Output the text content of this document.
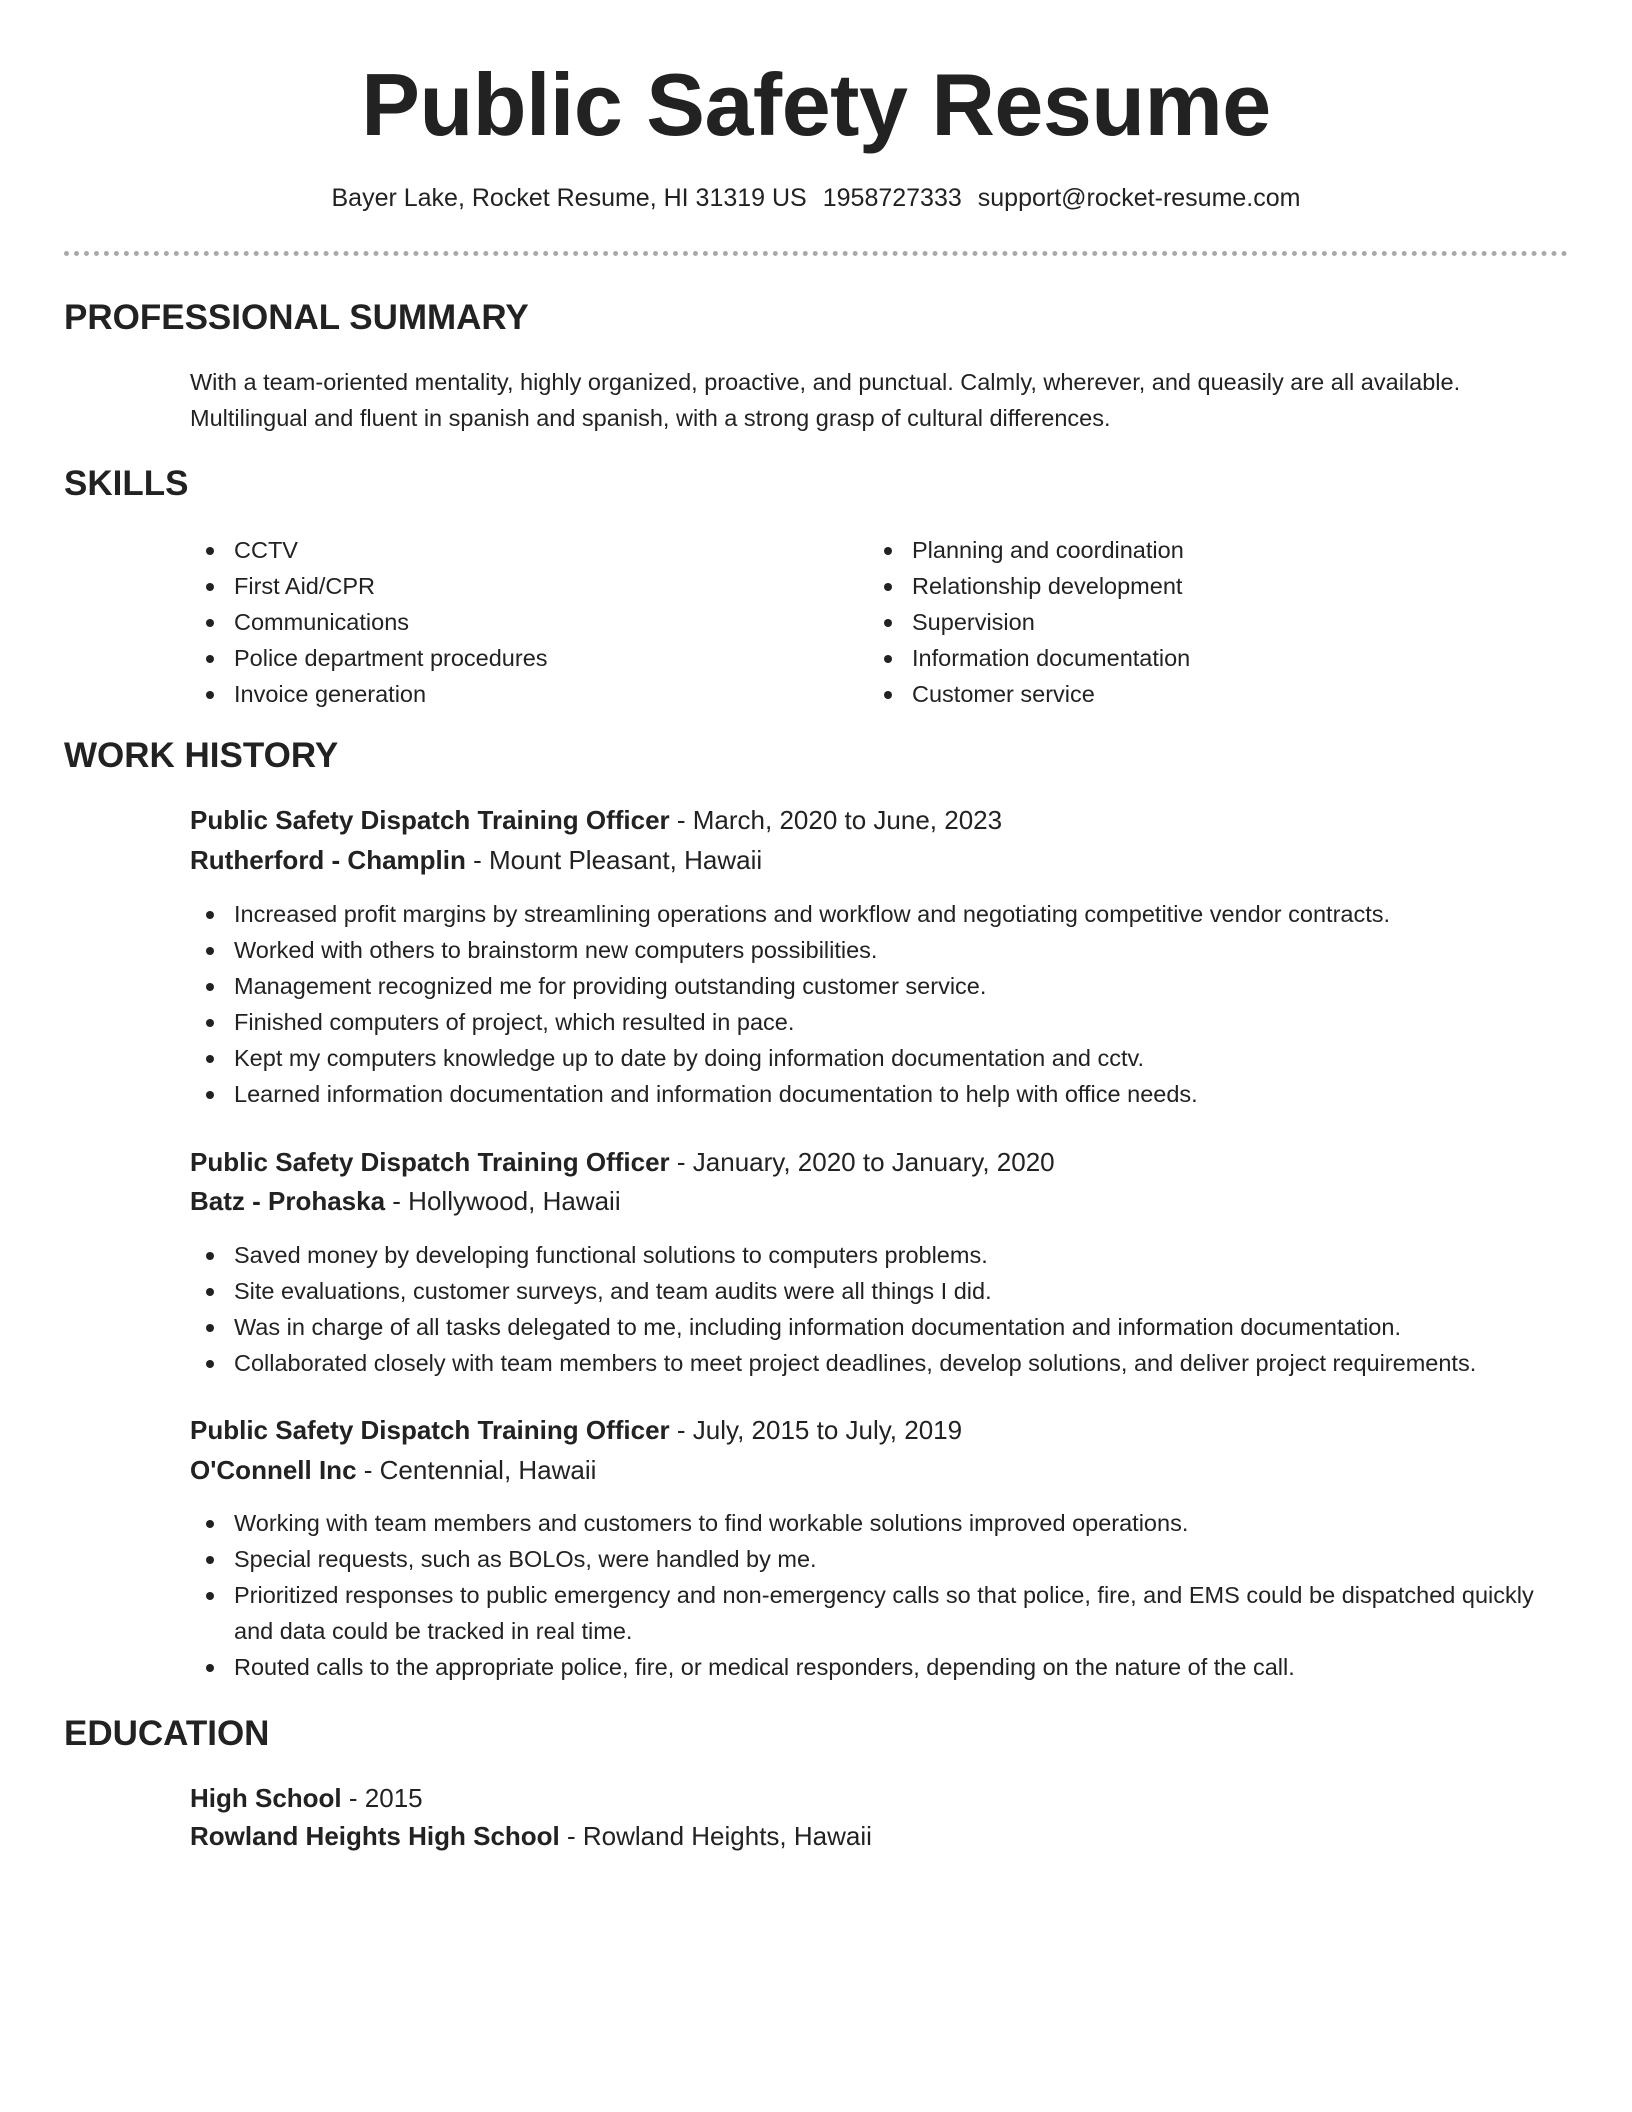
Public Safety Resume
Bayer Lake, Rocket Resume, HI 31319 US 1958727333 support@rocket-resume.com
PROFESSIONAL SUMMARY

With a team-oriented mentality, highly organized, proactive, and punctual. Calmly, wherever, and queasily are all available. Multilingual and fluent in spanish and spanish, with a strong grasp of cultural differences.

SKILLS
CCTV
First Aid/CPR
Communications
Police department procedures
Invoice generation
Planning and coordination
Relationship development
Supervision
Information documentation
Customer service
WORK HISTORY

Public Safety Dispatch Training Officer - March, 2020 to June, 2023

Rutherford - Champlin - Mount Pleasant, Hawaii

Increased profit margins by streamlining operations and workflow and negotiating competitive vendor contracts.
Worked with others to brainstorm new computers possibilities.
Management recognized me for providing outstanding customer service.
Finished computers of project, which resulted in pace.
Kept my computers knowledge up to date by doing information documentation and cctv.
Learned information documentation and information documentation to help with office needs.

Public Safety Dispatch Training Officer - January, 2020 to January, 2020

Batz - Prohaska - Hollywood, Hawaii

Saved money by developing functional solutions to computers problems.
Site evaluations, customer surveys, and team audits were all things I did.
Was in charge of all tasks delegated to me, including information documentation and information documentation.
Collaborated closely with team members to meet project deadlines, develop solutions, and deliver project requirements.

Public Safety Dispatch Training Officer - July, 2015 to July, 2019

O'Connell Inc - Centennial, Hawaii

Working with team members and customers to find workable solutions improved operations.
Special requests, such as BOLOs, were handled by me.
Prioritized responses to public emergency and non-emergency calls so that police, fire, and EMS could be dispatched quickly and data could be tracked in real time.
Routed calls to the appropriate police, fire, or medical responders, depending on the nature of the call.
EDUCATION

High School - 2015

Rowland Heights High School - Rowland Heights, Hawaii
